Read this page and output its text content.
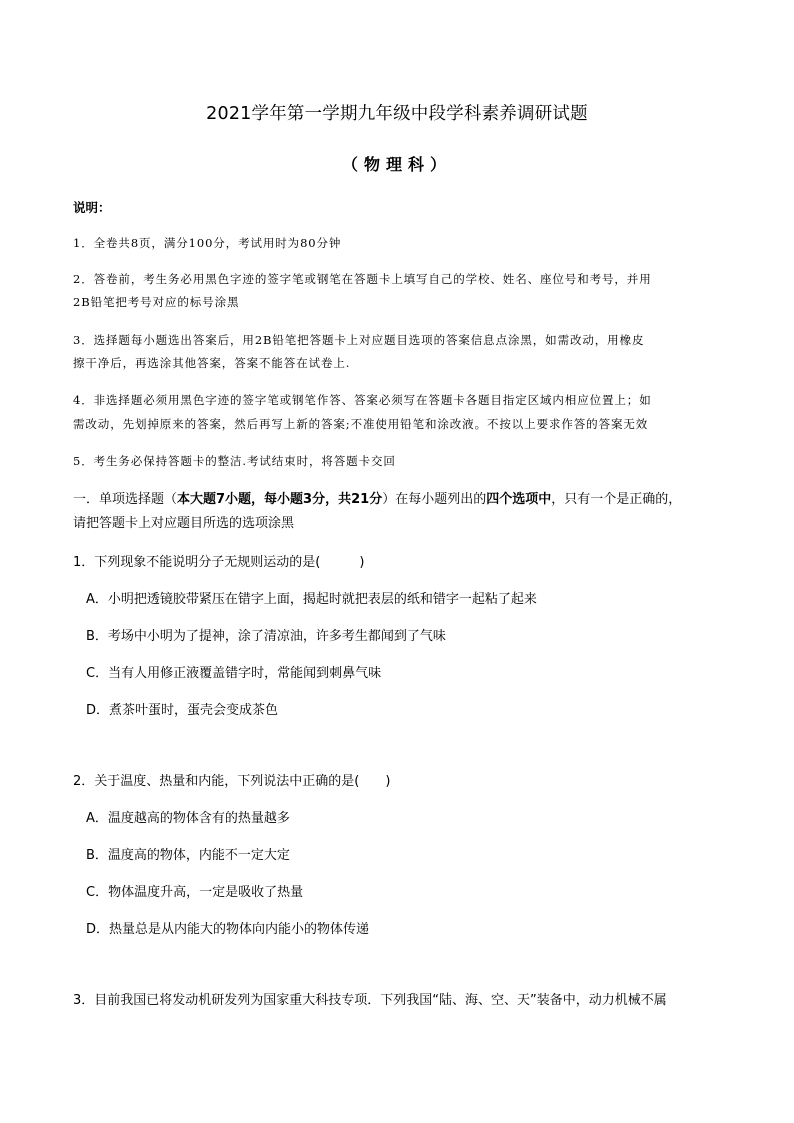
2021学年第一学期九年级中段学科素养调研试题
（物理科）
说明：
1．全卷共8页，满分100分，考试用时为80分钟
2．答卷前，考生务必用黑色字迹的签字笔或钢笔在答题卡上填写自己的学校、姓名、座位号和考号，并用
2B铅笔把考号对应的标号涂黑
3．选择题每小题选出答案后，用2B铅笔把答题卡上对应题目选项的答案信息点涂黑，如需改动，用橡皮
擦干净后，再选涂其他答案，答案不能答在试卷上.
4．非选择题必须用黑色字迹的签字笔或钢笔作答、答案必须写在答题卡各题目指定区域内相应位置上；如
需改动，先划掉原来的答案，然后再写上新的答案;不准使用铅笔和涂改液。不按以上要求作答的答案无效
5．考生务必保持答题卡的整洁.考试结束时，将答题卡交回
一．单项选择题（本大题7小题，每小题3分，共21分）在每小题列出的四个选项中，只有一个是正确的，
请把答题卡上对应题目所选的选项涂黑
1．下列现象不能说明分子无规则运动的是(　　　)
A．小明把透镜胶带紧压在错字上面，揭起时就把表层的纸和错字一起粘了起来
B．考场中小明为了提神，涂了清凉油，许多考生都闻到了气味
C．当有人用修正液覆盖错字时，常能闻到刺鼻气味
D．煮茶叶蛋时，蛋壳会变成茶色
2．关于温度、热量和内能，下列说法中正确的是(　　)
A．温度越高的物体含有的热量越多
B．温度高的物体，内能不一定大定
C．物体温度升高，一定是吸收了热量
D．热量总是从内能大的物体向内能小的物体传递
3．目前我国已将发动机研发列为国家重大科技专项．下列我国“陆、海、空、天”装备中，动力机械不属
